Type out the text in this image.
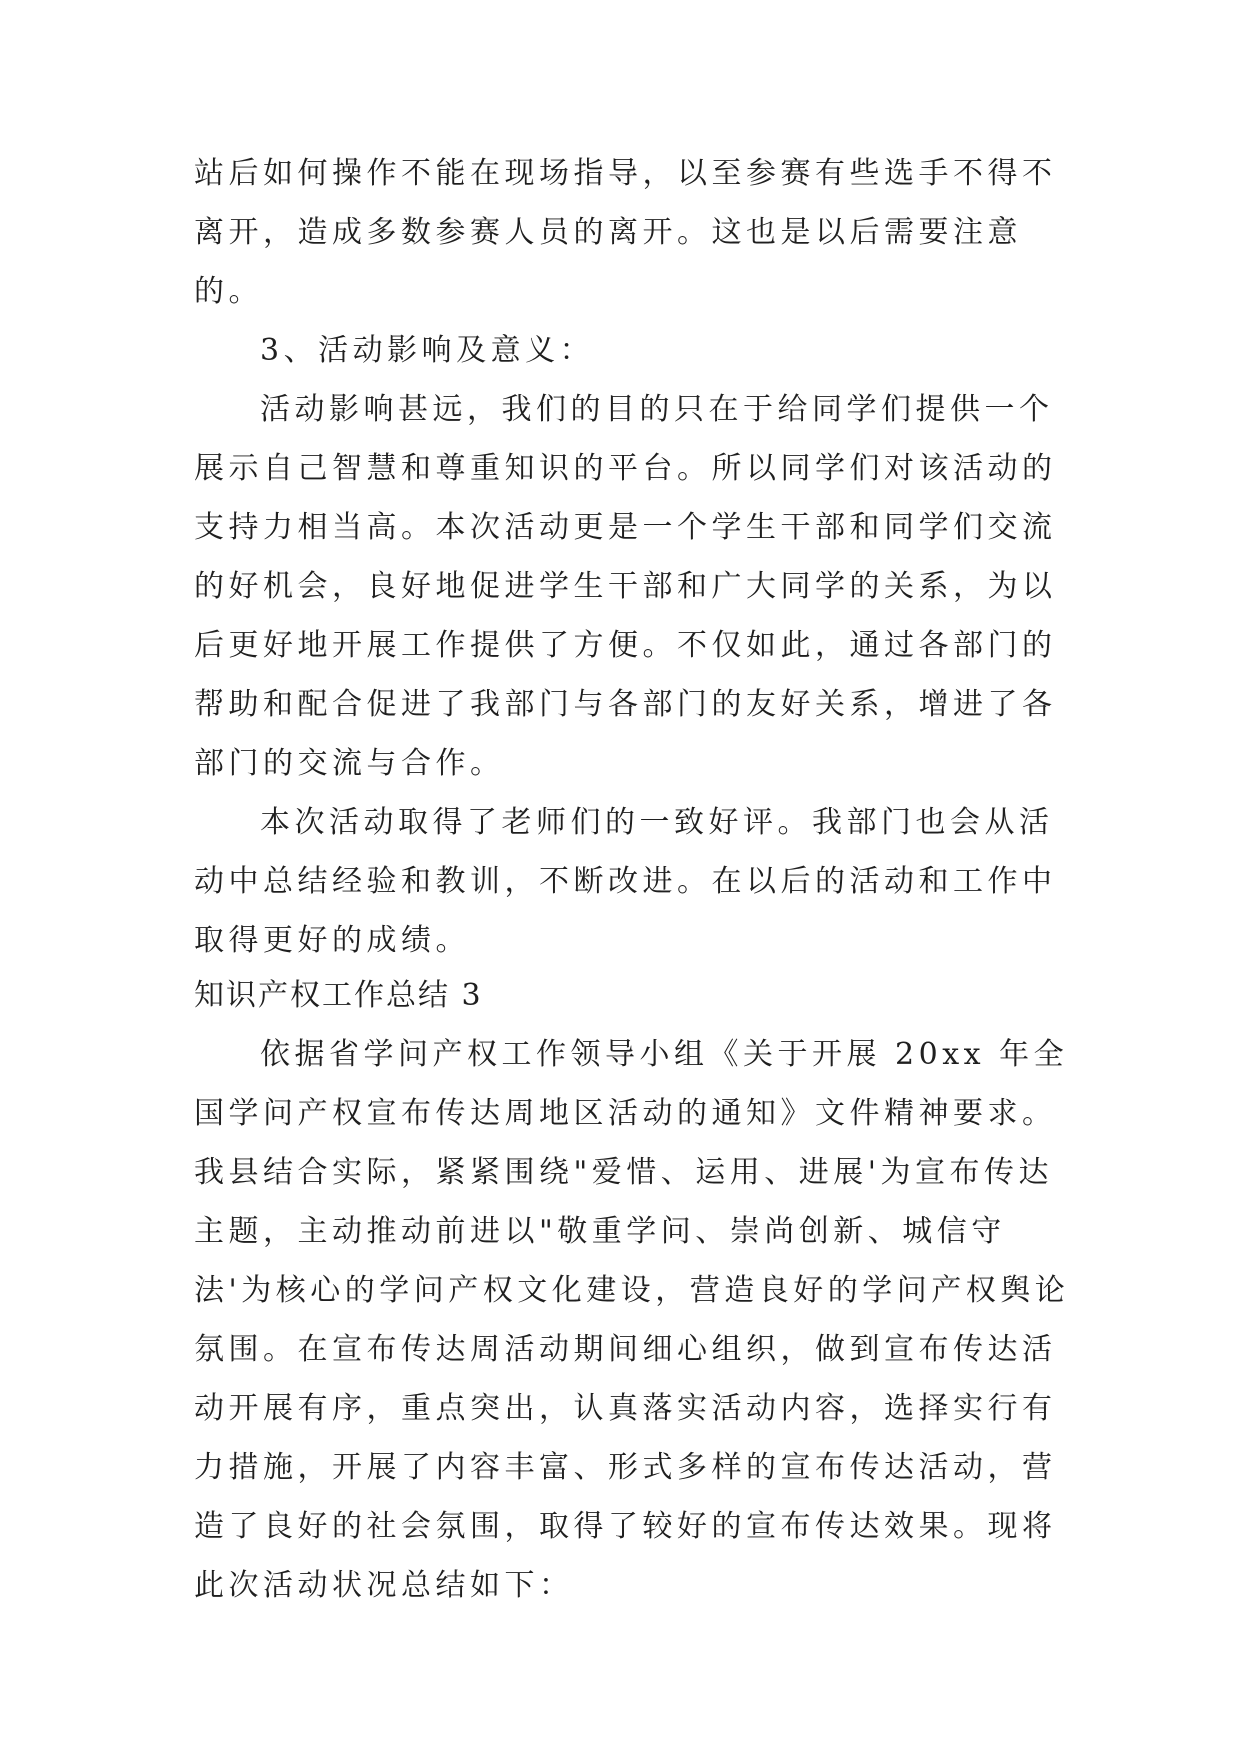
站后如何操作不能在现场指导，以至参赛有些选手不得不离开，造成多数参赛人员的离开。这也是以后需要注意的。

3、活动影响及意义：

活动影响甚远，我们的目的只在于给同学们提供一个展示自己智慧和尊重知识的平台。所以同学们对该活动的支持力相当高。本次活动更是一个学生干部和同学们交流的好机会，良好地促进学生干部和广大同学的关系，为以后更好地开展工作提供了方便。不仅如此，通过各部门的帮助和配合促进了我部门与各部门的友好关系，增进了各部门的交流与合作。

本次活动取得了老师们的一致好评。我部门也会从活动中总结经验和教训，不断改进。在以后的活动和工作中取得更好的成绩。

知识产权工作总结 3

依据省学问产权工作领导小组《关于开展 20xx 年全国学问产权宣布传达周地区活动的通知》文件精神要求。我县结合实际，紧紧围绕"爱惜、运用、进展'为宣布传达主题，主动推动前进以"敬重学问、崇尚创新、城信守法'为核心的学问产权文化建设，营造良好的学问产权舆论氛围。在宣布传达周活动期间细心组织，做到宣布传达活动开展有序，重点突出，认真落实活动内容，选择实行有力措施，开展了内容丰富、形式多样的宣布传达活动，营造了良好的社会氛围，取得了较好的宣布传达效果。现将此次活动状况总结如下：
